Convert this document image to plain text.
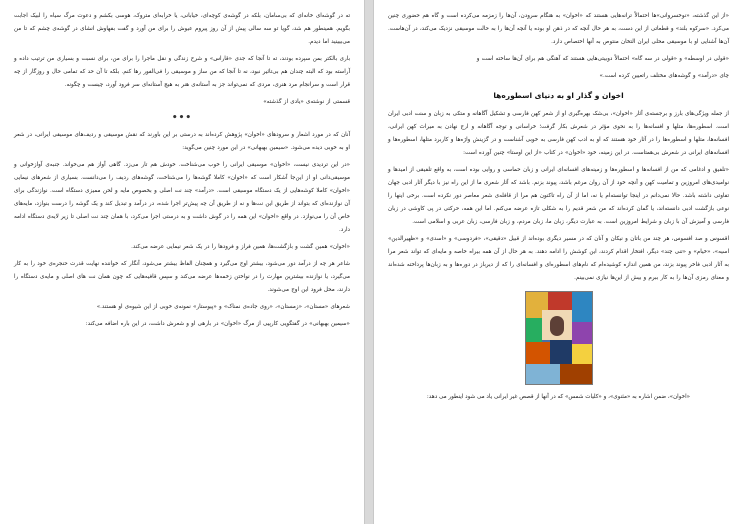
ته در گوشه‌ای خانه‌ای که بی‌سامان، بلکه در گوشه‌ی کوچه‌ای، خیابانی، یا خرابه‌ای متروک، هوسی بکشم و دعوت مرگ سیاه را لبیک اجابت بگویم. همینطور هم شد، گویا تو سه سالی پیش از آن روز پیروم عیوش را برای من آورد و گفت بفهاوش انشای در گوشه‌ی چشم که تا من می‌بیینید اما دیدم.

باری بالکتر بمن سپرده بودند، ته تا آنجا که جدی «قاراس» و شرح زندگی و نقل ماجرا را برای من، برای نسبت و بسیاری من ترتیب داده و آراسته بود که البته چندان هم بی‌تاثیر نبود، نه تا آنجا که من ساز و موسیقی را فی‌الفور رها کنم. بلکه تا آن حد که تمامی حال و روزگار از چه قرار است و سرانجام مرد هنری، مردی که نمی‌تواند جز به آستانه‌ی هنر به هیچ آستانه‌ای سر فرود آورد، چیست و چگونه.

قسمتی از نوشته‌ی «یادی از گذشته»

•••

آنان که در مورد اشعار و سرودهای «اخوان» پژوهش کرده‌اند به درستی بر این باورند که نقش موسیقی و ردیف‌های موسیقی ایرانی، در شعر او به خوبی دیده می‌شود. «سیمین بهبهانی» در این مورد چنین می‌گوید:

«در این تردیدی نیست، «اخوان» موسیقی ایرانی را خوب می‌شناخت. خودش هم تار می‌زد. گاهی آواز هم می‌خواند. جنبه‌ی آوازخوانی و موسیقی‌دانی او از این‌جا آشکار است که «اخوان» کاملا گوشه‌ها را می‌شناخت، گوشه‌های ردیف را می‌دانست. بسیاری از شعرهای نیمایی «اخوان» کاملا کوشه‌هایی از یک دستگاه موسیقی است. «درآمد» چند نت اصلی و بخصوص مایه و لحن ممیزی دستگاه است. نوازندگی برای آن نوازنده‌ای که بتواند از طریق این نت‌ها و نه از طریق آن چه پیش‌تر اجرا شده، در درآمد و تبدیل کند و یک گوشه را درست بنوازد، مایه‌های خاص آن را می‌نوازد. در واقع «اخوان» این همه را در گوش داشت و به درستی اجرا می‌کرد، با همان چند نت اصلی تا زیر لایه‌ی دستگاه ادامه دارد.

«اخوان» همین گشت و بازگشت‌ها، همین فراز و فرودها را در یک شعر نیمایی عرضه می‌کند.

شاعر هر چه از درآمد دور می‌شود، بیشتر اوج می‌گیرد و همچنان الفاظ بیشتر می‌شود، آنگار که خواننده نهایت قدرت حنجره‌ی خود را به کار می‌گیرد، یا نوازنده بیشترین مهارت را در نواختن زخمه‌ها عرضه می‌کند و سپس قافیه‌هایی که چون همان نت های اصلی و مایه‌ی دستگاه را دارند، محل فرود این اوج می‌شوند.

شعرهای «مستان»، «زمستان»، «روی جاده‌ی نمناک» و «پیوستار» نمونه‌ی خوبی از این شیوه‌ی او هستند.»

«سیمین بهبهانی» در گفتگویی کارپیی از مرگ «اخوان» در بارهی او و شعرش داشت، در این باره اضافه می‌کند:

«از این گذشته، «نوخسروانی»ها احتمالاً ترانه‌هایی هستند که «اخوان» به هنگام سرودن، آن‌ها را زمزمه می‌کرده است و گاه هم حضوری چنین می‌کرد. «سرکوه بلند» و قطعاتی از این دست، به هر حال آنچه که در ذهن او بوده یا آنچه آن‌ها را به حالت موسیقی نزدیک می‌کند، در آن‌هاست. آن‌ها آشنایی او با موسیقی محلی ایران التخان منتوص به آنها اختصاص دارد.

«قولی در اوسطه» و «قولی در سه گاه» احتمالاً دوبیتی‌هایی هستند که آهنگی هم برای آن‌ها ساخته است و

چای «درآمد» و گوشه‌های مختلف راتعیین کرده است.»

اخوان و گذار او به دنیای اسطوره‌ها

از جمله ویژگی‌های بارز و برجسته‌ی آثار «اخوان»، بی‌شک بهره‌گیری او از شعر کهن فارسی و تشکیل آگاهانه و متکی به زبان و سنت ادبی ایران است. اسطوره‌ها، متلها و افسانه‌ها را به نحوی مؤثر در شعرش بکار گرفت؛ خراسانی و توجه آگاهانه و ارج نهادن به میراث کهن ایرانی، افسانه‌ها، متلها و اسطوره‌ها را در آثار خود هستند که او به ادب کهن فارسی به خوبی آشناست و در گزینش واژه‌ها و کاربرد متلها، اسطوره‌ها و افسانه‌های ایرانی در شعرش بی‌همتاست. در این زمینه، خود «اخوان» در کتاب «از این اوستا» چنین آورده است:

«تلفیق و ادغامی که من از افسانه‌ها و اسطوره‌ها و زمینه‌های افسانه‌ای ایرانی و زبان حماسی و روایی بوده است، به واقع تلفیقی از امید‌ها و نوامیدی‌های امروزین و تمامیت کهن و آنچه خود از آن روان مرغم باشد، پیوند بزنم. باشد که آثار شعری ما از این راه نیز با دیگر آثار ادبی جهان تفاوتی داشته باشد. حالا نمی‌دانم در اینجا توانسته‌ام یا نه، اما از آن راه تاکنون هم مرا از قافله‌ی شعر معاصر دور نکرده است. برخی اینها را نوعی بازگشت ادبی دانسته‌اند، یا گمان کرده‌اند که من شعر قدیم را به شکلی تازه عرضه می‌کنم. اما این همه، حرکتی در پی کاوشی در زبان فارسی و آمیزش آن با زبان و شرایط امروزین است. به عبارت دیگر، زبان ما، زبان مردم، و زبان فارسی، زبان عربی و اسلامی است.

اقسوس و صد افسوس، هر چند من باتان و نیکان و آنان که در مسیر دیگری بوده‌اند از قبیل «دقیقی»، «فردوسی» و «اسدی» و «ظهیرالدین» اسیه»، «خیام» و «تنی چند» دیگر، افتخار اقدام کردند، این کوشش را ادامه دهند. به هر حال از آن همه بیراه خاصه و مایه‌ای که تواند شعر مرا به آثار ادبی فاخر پیوند بزند، من همین اندازه کوشیده‌ام که نام‌های اسطوره‌ای و افسانه‌ای را که از دیرباز در دوره‌ها و به زبان‌ها پرداخته شده‌اند و معنای رمزی آن‌ها را به کار ببرم و بیش از این‌ها نیازی نمی‌بینم.

«اخوان»، ضمن اشاره به «مثنوی»، و «کلیات شمس» که در آنها از قصص غیر ایرانی یاد می‌ شود اینطور می‌ دهد:
